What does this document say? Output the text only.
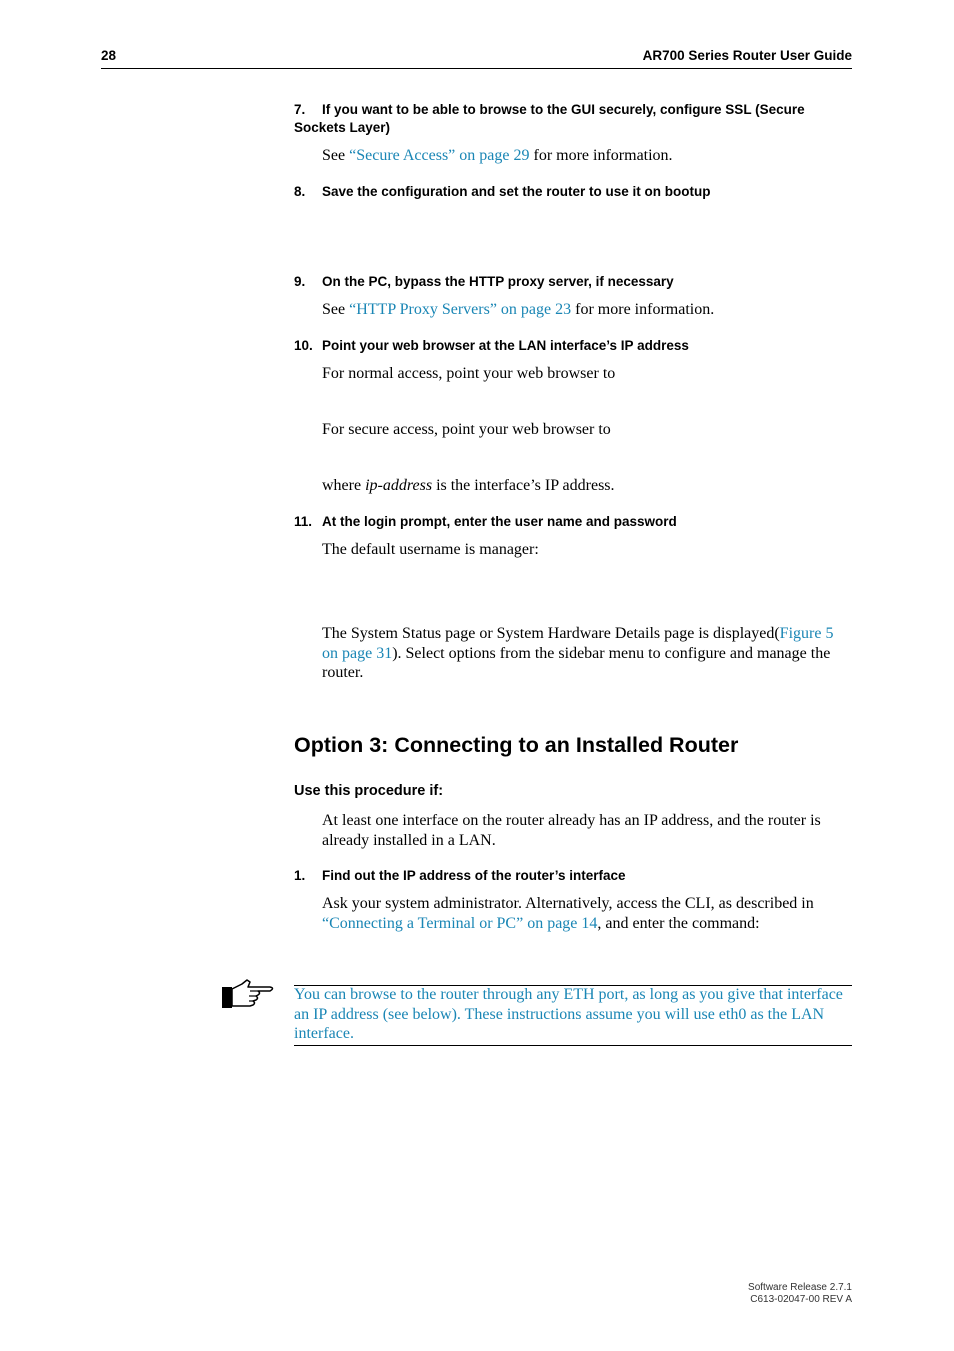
28	AR700 Series Router User Guide
7. If you want to be able to browse to the GUI securely, configure SSL (Secure Sockets Layer)
See “Secure Access” on page 29 for more information.
8. Save the configuration and set the router to use it on bootup
9. On the PC, bypass the HTTP proxy server, if necessary
See “HTTP Proxy Servers” on page 23 for more information.
10. Point your web browser at the LAN interface’s IP address
For normal access, point your web browser to
For secure access, point your web browser to
where ip-address is the interface’s IP address.
11. At the login prompt, enter the user name and password
The default username is manager:
The System Status page or System Hardware Details page is displayed(Figure 5 on page 31). Select options from the sidebar menu to configure and manage the router.
Option 3: Connecting to an Installed Router
Use this procedure if:
At least one interface on the router already has an IP address, and the router is already installed in a LAN.
1. Find out the IP address of the router’s interface
Ask your system administrator. Alternatively, access the CLI, as described in “Connecting a Terminal or PC” on page 14, and enter the command:
You can browse to the router through any ETH port, as long as you give that interface an IP address (see below). These instructions assume you will use eth0 as the LAN interface.
Software Release 2.7.1
C613-02047-00 REV A
